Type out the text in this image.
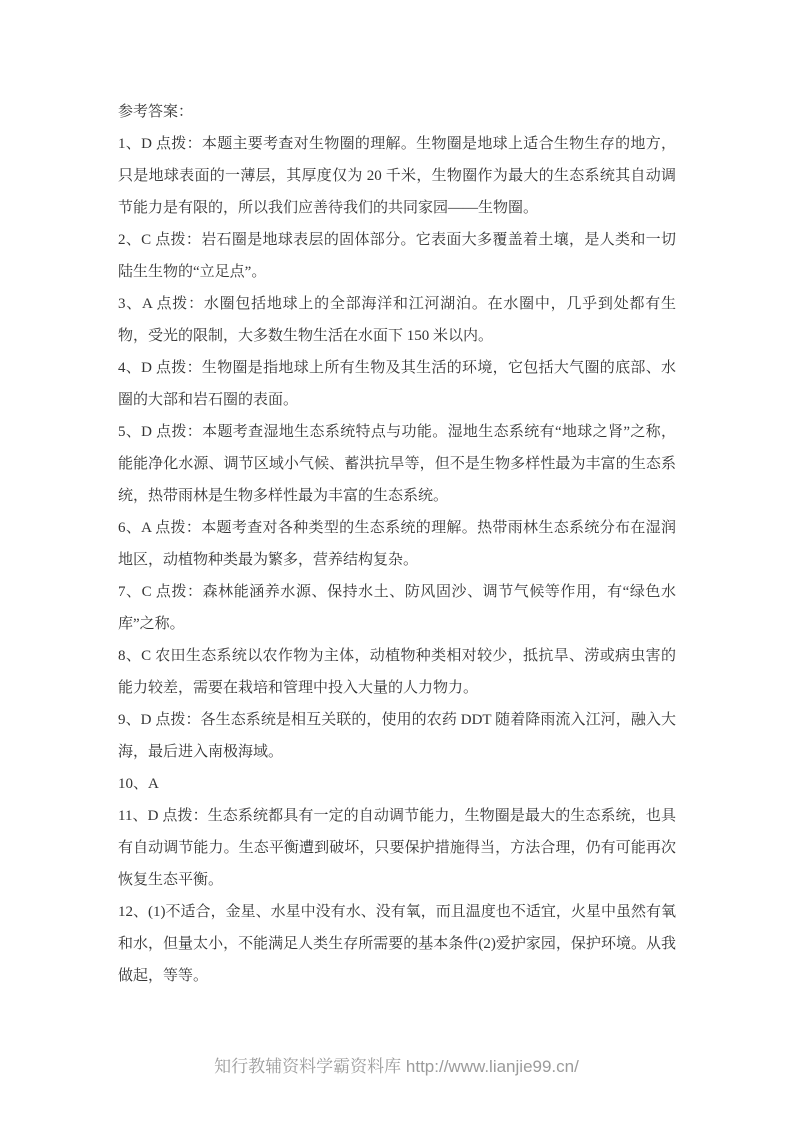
参考答案：

1、D 点拨：本题主要考查对生物圈的理解。生物圈是地球上适合生物生存的地方，只是地球表面的一薄层，其厚度仅为 20 千米，生物圈作为最大的生态系统其自动调节能力是有限的，所以我们应善待我们的共同家园——生物圈。

2、C 点拨：岩石圈是地球表层的固体部分。它表面大多覆盖着土壤，是人类和一切陆生生物的“立足点”。

3、A 点拨：水圈包括地球上的全部海洋和江河湖泊。在水圈中，几乎到处都有生物，受光的限制，大多数生物生活在水面下 150 米以内。

4、D 点拨：生物圈是指地球上所有生物及其生活的环境，它包括大气圈的底部、水圈的大部和岩石圈的表面。

5、D 点拨：本题考查湿地生态系统特点与功能。湿地生态系统有“地球之肾”之称，能能净化水源、调节区域小气候、蓄洪抗旱等，但不是生物多样性最为丰富的生态系统，热带雨林是生物多样性最为丰富的生态系统。

6、A 点拨：本题考查对各种类型的生态系统的理解。热带雨林生态系统分布在湿润地区，动植物种类最为繁多，营养结构复杂。

7、C 点拨：森林能涵养水源、保持水土、防风固沙、调节气候等作用，有“绿色水库”之称。

8、C 农田生态系统以农作物为主体，动植物种类相对较少，抵抗旱、涝或病虫害的能力较差，需要在栽培和管理中投入大量的人力物力。

9、D 点拨：各生态系统是相互关联的，使用的农药 DDT 随着降雨流入江河，融入大海，最后进入南极海域。

10、A

11、D 点拨：生态系统都具有一定的自动调节能力，生物圈是最大的生态系统，也具有自动调节能力。生态平衡遭到破坏，只要保护措施得当，方法合理，仍有可能再次恢复生态平衡。

12、(1)不适合，金星、水星中没有水、没有氧，而且温度也不适宜，火星中虽然有氧和水，但量太小，不能满足人类生存所需要的基本条件(2)爱护家园，保护环境。从我做起，等等。

知行教辅资料学霸资料库 http://www.lianjie99.cn/
